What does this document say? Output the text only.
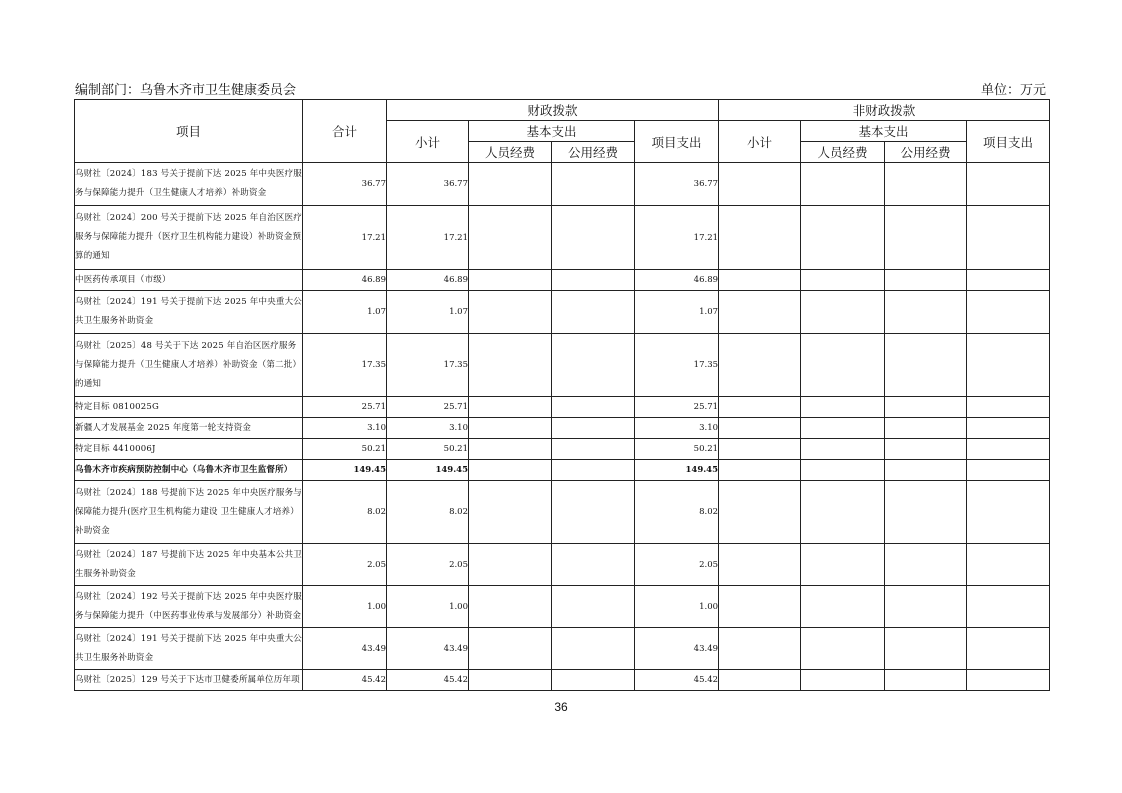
编制部门：乌鲁木齐市卫生健康委员会	单位：万元
项目	合计	财政拨款				非财政拨款			
		小计	基本支出		项目支出	小计	基本支出		项目支出
			人员经费	公用经费			人员经费	公用经费	
乌财社〔2024〕183 号关于提前下达 2025 年中央医疗服务与保障能力提升（卫生健康人才培养）补助资金	36.77	36.77			36.77				
乌财社〔2024〕200 号关于提前下达 2025 年自治区医疗服务与保障能力提升（医疗卫生机构能力建设）补助资金预算的通知	17.21	17.21			17.21				
中医药传承项目（市级）	46.89	46.89			46.89				
乌财社〔2024〕191 号关于提前下达 2025 年中央重大公共卫生服务补助资金	1.07	1.07			1.07				
乌财社〔2025〕48 号关于下达 2025 年自治区医疗服务与保障能力提升（卫生健康人才培养）补助资金（第二批）的通知	17.35	17.35			17.35				
特定目标 0810025G	25.71	25.71			25.71				
新疆人才发展基金 2025 年度第一轮支持资金	3.10	3.10			3.10				
特定目标 4410006J	50.21	50.21			50.21				
乌鲁木齐市疾病预防控制中心（乌鲁木齐市卫生监督所）	149.45	149.45			149.45				
乌财社〔2024〕188 号提前下达 2025 年中央医疗服务与保障能力提升(医疗卫生机构能力建设 卫生健康人才培养）补助资金	8.02	8.02			8.02				
乌财社〔2024〕187 号提前下达 2025 年中央基本公共卫生服务补助资金	2.05	2.05			2.05				
乌财社〔2024〕192 号关于提前下达 2025 年中央医疗服务与保障能力提升（中医药事业传承与发展部分）补助资金	1.00	1.00			1.00				
乌财社〔2024〕191 号关于提前下达 2025 年中央重大公共卫生服务补助资金	43.49	43.49			43.49				
乌财社〔2025〕129 号关于下达市卫健委所属单位历年项	45.42	45.42			45.42				
36
